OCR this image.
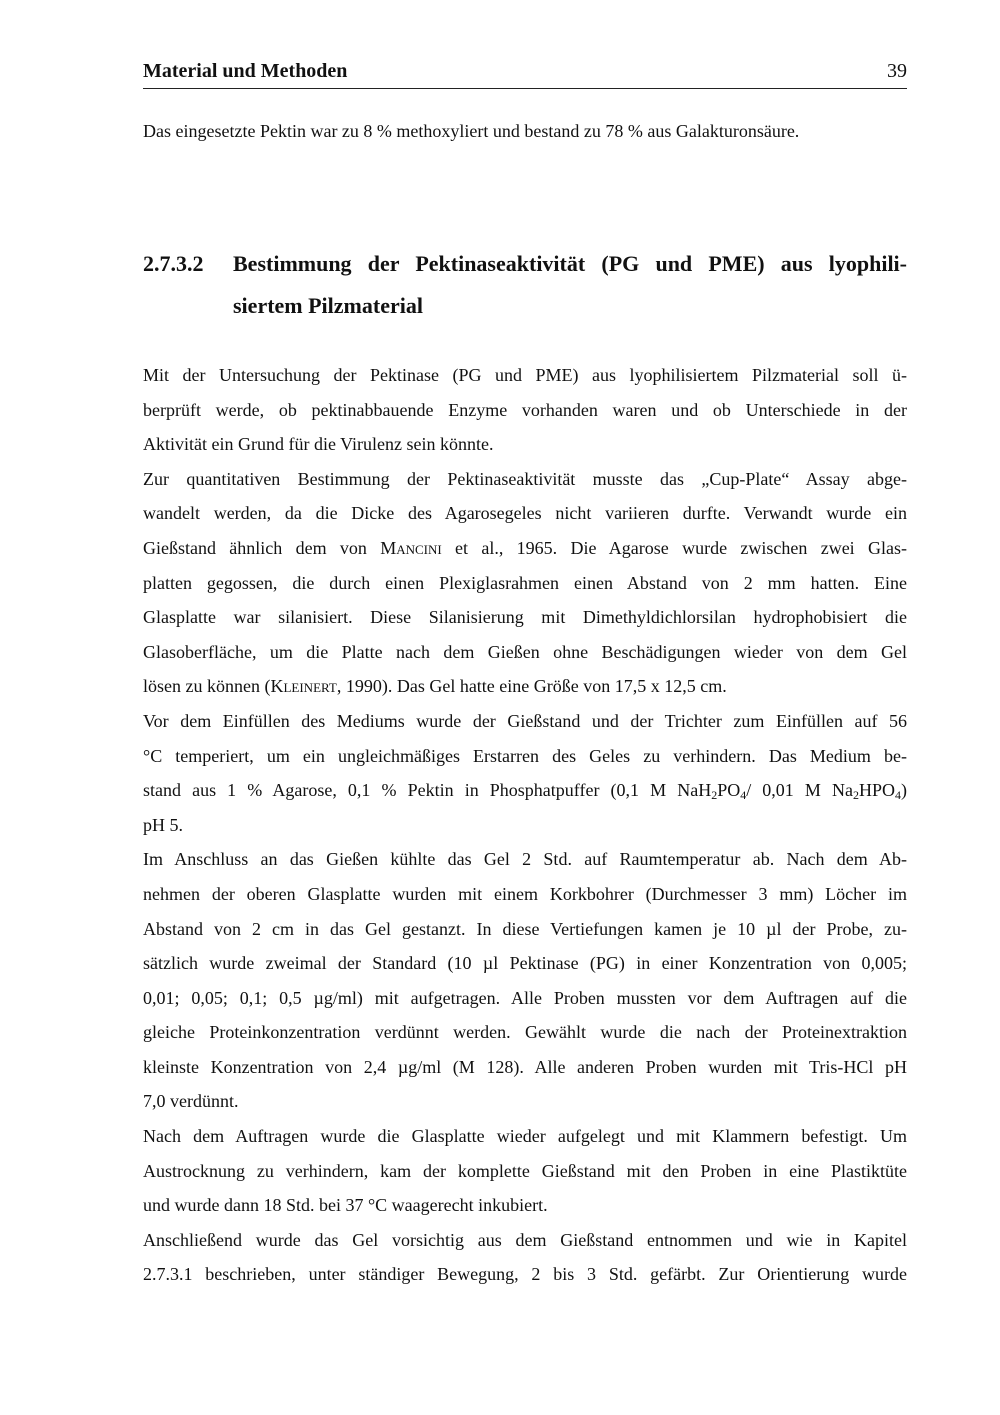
Material und Methoden	39

Das eingesetzte Pektin war zu 8 % methoxyliert und bestand zu 78 % aus Galakturonsäure.

2.7.3.2 Bestimmung der Pektinaseaktivität (PG und PME) aus lyophili-
siertem Pilzmaterial
Mit der Untersuchung der Pektinase (PG und PME) aus lyophilisiertem Pilzmaterial soll ü-
berprüft werde, ob pektinabbauende Enzyme vorhanden waren und ob Unterschiede in der
Aktivität ein Grund für die Virulenz sein könnte.
Zur quantitativen Bestimmung der Pektinaseaktivität musste das „Cup-Plate“ Assay abge-
wandelt werden, da die Dicke des Agarosegeles nicht variieren durfte. Verwandt wurde ein
Gießstand ähnlich dem von Mancini et al., 1965. Die Agarose wurde zwischen zwei Glas-
platten gegossen, die durch einen Plexiglasrahmen einen Abstand von 2 mm hatten. Eine
Glasplatte war silanisiert. Diese Silanisierung mit Dimethyldichlorsilan hydrophobisiert die
Glasoberfläche, um die Platte nach dem Gießen ohne Beschädigungen wieder von dem Gel
lösen zu können (Kleinert, 1990). Das Gel hatte eine Größe von 17,5 x 12,5 cm.
Vor dem Einfüllen des Mediums wurde der Gießstand und der Trichter zum Einfüllen auf 56
°C temperiert, um ein ungleichmäßiges Erstarren des Geles zu verhindern. Das Medium be-
stand aus 1 % Agarose, 0,1 % Pektin in Phosphatpuffer (0,1 M $NaH_2PO_4/$ 0,01 M $Na_2HPO_4$)
pH 5.
Im Anschluss an das Gießen kühlte das Gel 2 Std. auf Raumtemperatur ab. Nach dem Ab-
nehmen der oberen Glasplatte wurden mit einem Korkbohrer (Durchmesser 3 mm) Löcher im
Abstand von 2 cm in das Gel gestanzt. In diese Vertiefungen kamen je 10 µl der Probe, zu-
sätzlich wurde zweimal der Standard (10 µl Pektinase (PG) in einer Konzentration von 0,005;
0,01; 0,05; 0,1; 0,5 µg/ml) mit aufgetragen. Alle Proben mussten vor dem Auftragen auf die
gleiche Proteinkonzentration verdünnt werden. Gewählt wurde die nach der Proteinextraktion
kleinste Konzentration von 2,4 µg/ml (M 128). Alle anderen Proben wurden mit Tris-HCl pH
7,0 verdünnt.
Nach dem Auftragen wurde die Glasplatte wieder aufgelegt und mit Klammern befestigt. Um
Austrocknung zu verhindern, kam der komplette Gießstand mit den Proben in eine Plastiktüte
und wurde dann 18 Std. bei 37 °C waagerecht inkubiert.
Anschließend wurde das Gel vorsichtig aus dem Gießstand entnommen und wie in Kapitel
2.7.3.1 beschrieben, unter ständiger Bewegung, 2 bis 3 Std. gefärbt. Zur Orientierung wurde
